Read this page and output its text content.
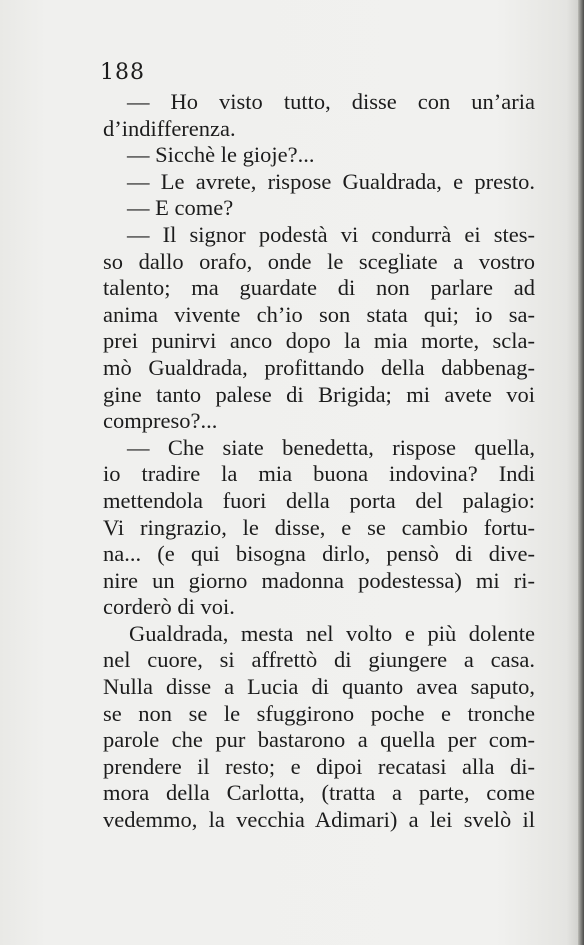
188
— Ho visto tutto, disse con un’aria
d’indifferenza.
— Sicchè le gioje?...
— Le avrete, rispose Gualdrada, e presto.
— E come?
— Il signor podestà vi condurrà ei stes-
so dallo orafo, onde le scegliate a vostro
talento; ma guardate di non parlare ad
anima vivente ch’io son stata qui; io sa-
prei punirvi anco dopo la mia morte, scla-
mò Gualdrada, profittando della dabbenag-
gine tanto palese di Brigida; mi avete voi
compreso?...
— Che siate benedetta, rispose quella,
io tradire la mia buona indovina? Indi
mettendola fuori della porta del palagio:
Vi ringrazio, le disse, e se cambio fortu-
na... (e qui bisogna dirlo, pensò di dive-
nire un giorno madonna podestessa) mi ri-
corderò di voi.
Gualdrada, mesta nel volto e più dolente
nel cuore, si affrettò di giungere a casa.
Nulla disse a Lucia di quanto avea saputo,
se non se le sfuggirono poche e tronche
parole che pur bastarono a quella per com-
prendere il resto; e dipoi recatasi alla di-
mora della Carlotta, (tratta a parte, come
vedemmo, la vecchia Adimari) a lei svelò il
